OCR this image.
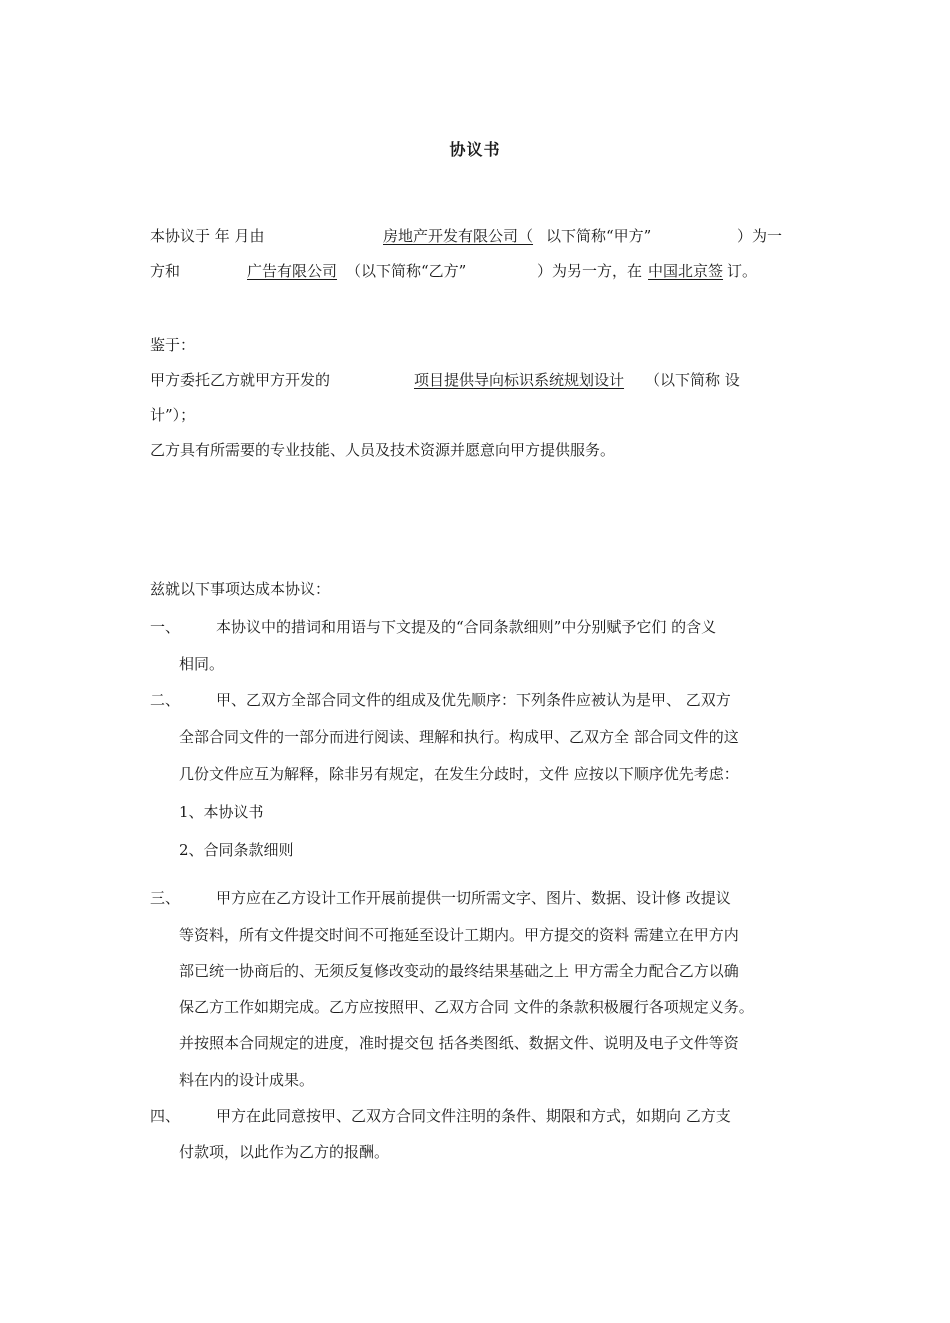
协议书
本协议于 年 月由	房地产开发有限公司（ 以下简称“甲方”	）为一
方和	广告有限公司 （以下简称“乙方”	）为另一方，在 中国北京签 订。
鉴于：
甲方委托乙方就甲方开发的	项目提供导向标识系统规划设计 （以下简称 设
计”）；
乙方具有所需要的专业技能、人员及技术资源并愿意向甲方提供服务。
兹就以下事项达成本协议：
一、 本协议中的措词和用语与下文提及的“合同条款细则”中分别赋予它们 的含义
相同。
二、 甲、乙双方全部合同文件的组成及优先顺序：下列条件应被认为是甲、 乙双方
全部合同文件的一部分而进行阅读、理解和执行。构成甲、乙双方全 部合同文件的这
几份文件应互为解释，除非另有规定，在发生分歧时，文件 应按以下顺序优先考虑：
1、本协议书
2、合同条款细则
三、 甲方应在乙方设计工作开展前提供一切所需文字、图片、数据、设计修 改提议
等资料，所有文件提交时间不可拖延至设计工期内。甲方提交的资料 需建立在甲方内
部已统一协商后的、无须反复修改变动的最终结果基础之上 甲方需全力配合乙方以确
保乙方工作如期完成。乙方应按照甲、乙双方合同 文件的条款积极履行各项规定义务。
并按照本合同规定的进度，准时提交包 括各类图纸、数据文件、说明及电子文件等资
料在内的设计成果。
四、 甲方在此同意按甲、乙双方合同文件注明的条件、期限和方式，如期向 乙方支
付款项，以此作为乙方的报酬。
